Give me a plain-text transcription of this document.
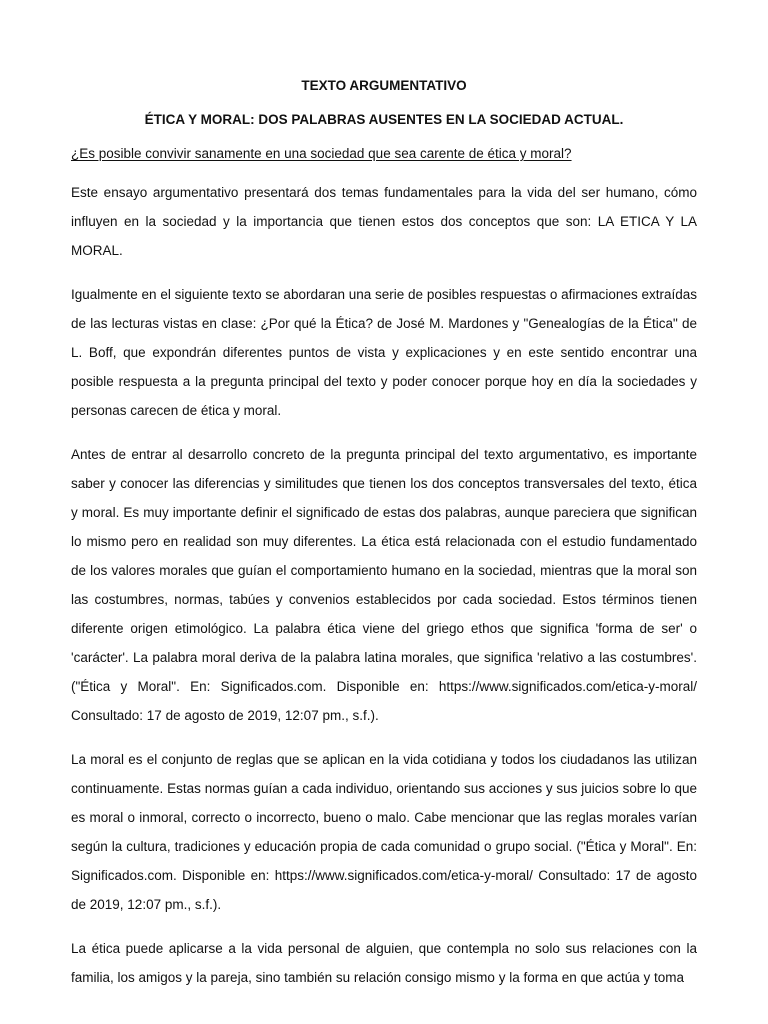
TEXTO ARGUMENTATIVO

ÉTICA Y MORAL: DOS PALABRAS AUSENTES EN LA SOCIEDAD ACTUAL.

¿Es posible convivir sanamente en una sociedad que sea carente de ética y moral?

Este ensayo argumentativo presentará dos temas fundamentales para la vida del ser humano, cómo influyen en la sociedad y la importancia que tienen estos dos conceptos que son: LA ETICA Y LA MORAL.

Igualmente en el siguiente texto se abordaran una serie de posibles respuestas o afirmaciones extraídas de las lecturas vistas en clase: ¿Por qué la Ética? de José M. Mardones y "Genealogías de la Ética" de L. Boff, que expondrán diferentes puntos de vista y explicaciones y en este sentido encontrar una posible respuesta a la pregunta principal del texto y poder conocer porque hoy en día la sociedades y personas carecen de ética y moral.

Antes de entrar al desarrollo concreto de la pregunta principal del texto argumentativo, es importante saber y conocer las diferencias y similitudes que tienen los dos conceptos transversales del texto, ética y moral. Es muy importante definir el significado de estas dos palabras, aunque pareciera que significan lo mismo pero en realidad son muy diferentes. La ética está relacionada con el estudio fundamentado de los valores morales que guían el comportamiento humano en la sociedad, mientras que la moral son las costumbres, normas, tabúes y convenios establecidos por cada sociedad. Estos términos tienen diferente origen etimológico. La palabra ética viene del griego ethos que significa 'forma de ser' o 'carácter'. La palabra moral deriva de la palabra latina morales, que significa 'relativo a las costumbres'. ("Ética y Moral". En: Significados.com. Disponible en: https://www.significados.com/etica-y-moral/ Consultado: 17 de agosto de 2019, 12:07 pm., s.f.).

La moral es el conjunto de reglas que se aplican en la vida cotidiana y todos los ciudadanos las utilizan continuamente. Estas normas guían a cada individuo, orientando sus acciones y sus juicios sobre lo que es moral o inmoral, correcto o incorrecto, bueno o malo. Cabe mencionar que las reglas morales varían según la cultura, tradiciones y educación propia de cada comunidad o grupo social. ("Ética y Moral". En: Significados.com. Disponible en: https://www.significados.com/etica-y-moral/ Consultado: 17 de agosto de 2019, 12:07 pm., s.f.).

La ética puede aplicarse a la vida personal de alguien, que contempla no solo sus relaciones con la familia, los amigos y la pareja, sino también su relación consigo mismo y la forma en que actúa y toma
